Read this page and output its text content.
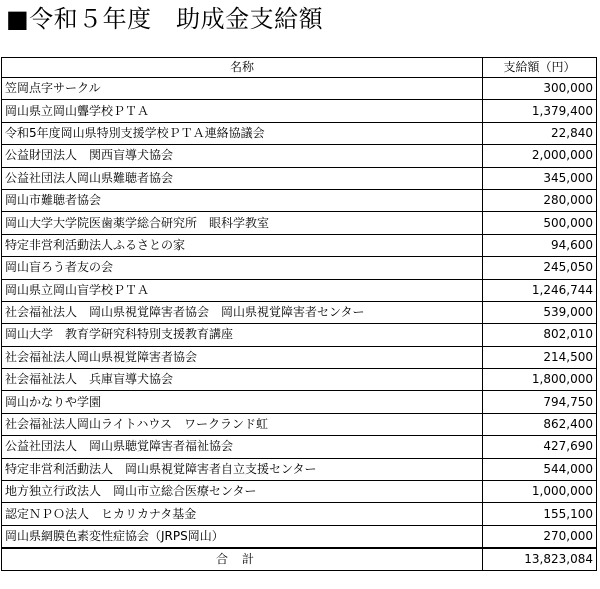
■令和５年度　助成金支給額
名称	支給額（円）
笠岡点字サークル	300,000
岡山県立岡山聾学校ＰＴＡ	1,379,400
令和5年度岡山県特別支援学校ＰＴＡ連絡協議会	22,840
公益財団法人　関西盲導犬協会	2,000,000
公益社団法人岡山県難聴者協会	345,000
岡山市難聴者協会	280,000
岡山大学大学院医歯薬学総合研究所　眼科学教室	500,000
特定非営利活動法人ふるさとの家	94,600
岡山盲ろう者友の会	245,050
岡山県立岡山盲学校ＰＴＡ	1,246,744
社会福祉法人　岡山県視覚障害者協会　岡山県視覚障害者センター	539,000
岡山大学　教育学研究科特別支援教育講座	802,010
社会福祉法人岡山県視覚障害者協会	214,500
社会福祉法人　兵庫盲導犬協会	1,800,000
岡山かなりや学園	794,750
社会福祉法人岡山ライトハウス　ワークランド虹	862,400
公益社団法人　岡山県聴覚障害者福祉協会	427,690
特定非営利活動法人　岡山県視覚障害者自立支援センター	544,000
地方独立行政法人　岡山市立総合医療センター	1,000,000
認定ＮＰＯ法人　ヒカリカナタ基金	155,100
岡山県網膜色素変性症協会（JRPS岡山）	270,000
合計	13,823,084
